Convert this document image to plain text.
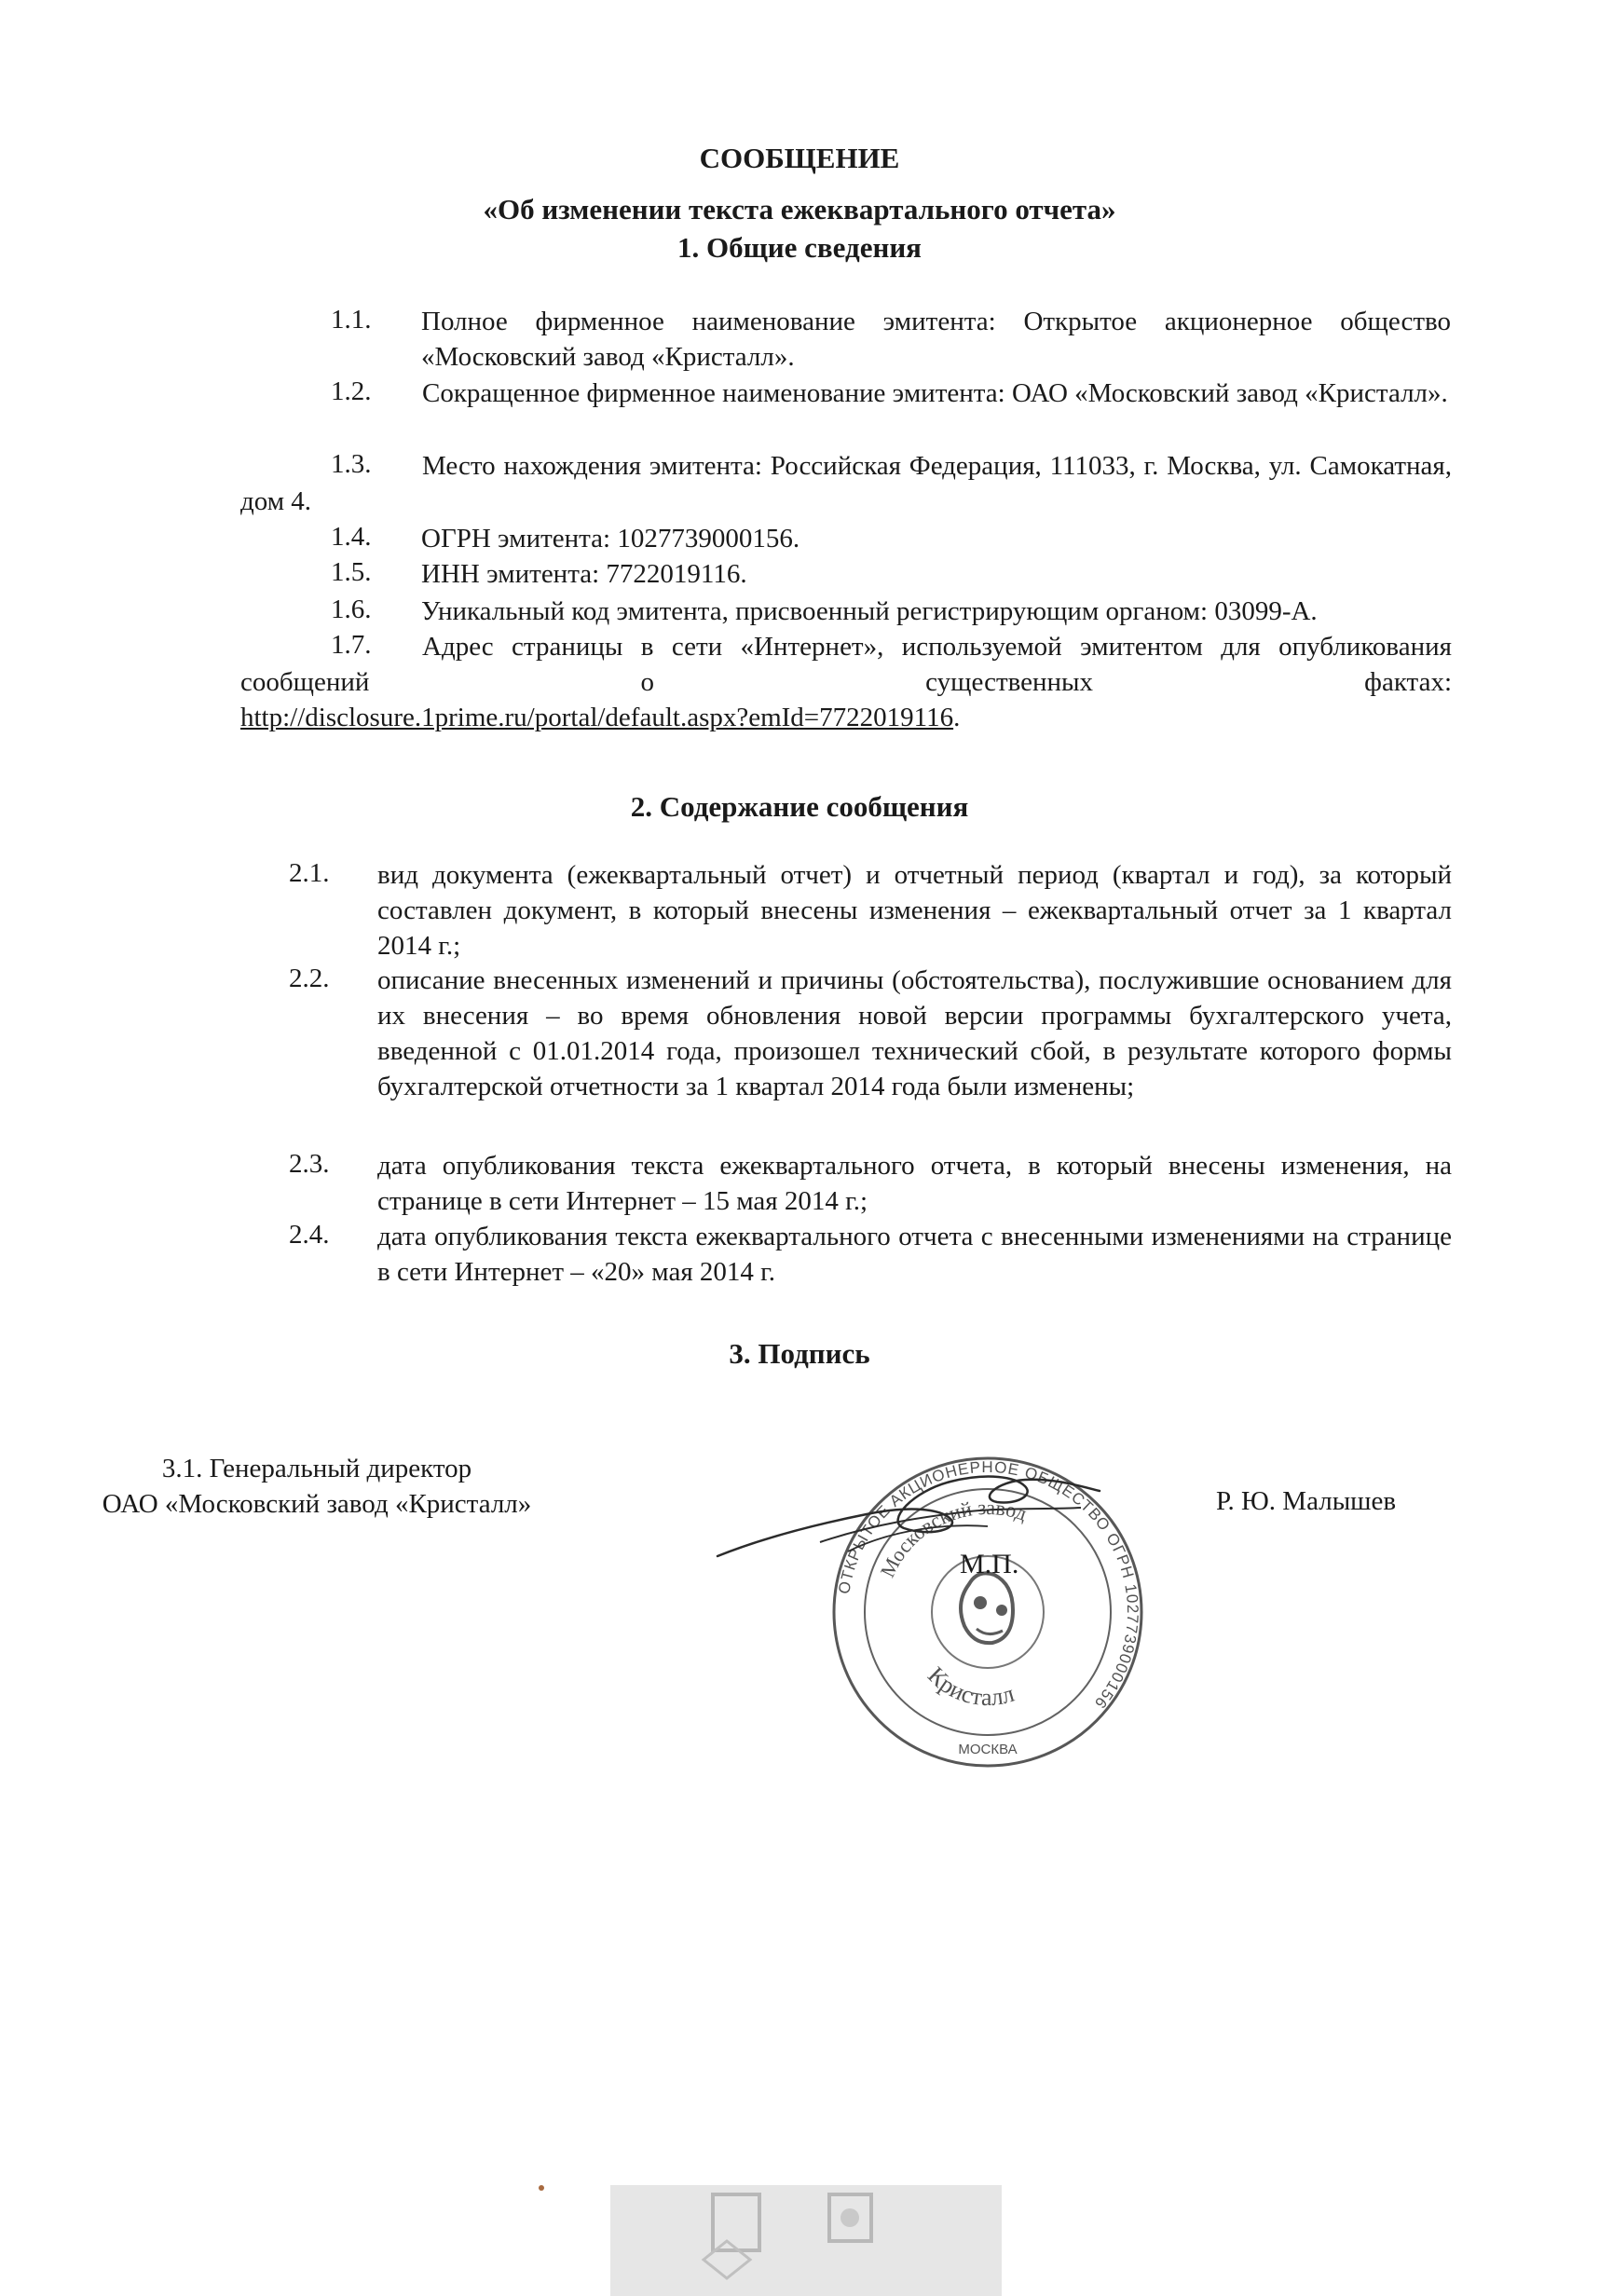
СООБЩЕНИЕ
«Об изменении текста ежеквартального отчета»
1. Общие сведения
1.1. Полное фирменное наименование эмитента: Открытое акционерное общество «Московский завод «Кристалл».
1.2.	Сокращенное фирменное наименование эмитента: ОАО «Московский завод «Кристалл».
1.3.	Место нахождения эмитента: Российская Федерация, 111033, г. Москва, ул. Самокатная, дом 4.
1.4. ОГРН эмитента: 1027739000156.
1.5. ИНН эмитента: 7722019116.
1.6. Уникальный код эмитента, присвоенный регистрирующим органом: 03099-А.
1.7.	Адрес страницы в сети «Интернет», используемой эмитентом для опубликования сообщений о существенных фактах:
http://disclosure.1prime.ru/portal/default.aspx?emId=7722019116.
2. Содержание сообщения
2.1. вид документа (ежеквартальный отчет) и отчетный период (квартал и год), за который составлен документ, в который внесены изменения – ежеквартальный отчет за 1 квартал 2014 г.;
2.2. описание внесенных изменений и причины (обстоятельства), послужившие основанием для их внесения – во время обновления новой версии программы бухгалтерского учета, введенной с 01.01.2014 года, произошел технический сбой, в результате которого формы бухгалтерской отчетности за 1 квартал 2014 года были изменены;
2.3. дата опубликования текста ежеквартального отчета, в который внесены изменения, на странице в сети Интернет – 15 мая 2014 г.;
2.4. дата опубликования текста ежеквартального отчета с внесенными изменениями на странице в сети Интернет – «20» мая 2014 г.
3. Подпись
3.1. Генеральный директор
ОАО «Московский завод «Кристалл»	Р. Ю. Малышев
ОТКРЫТОЕ АКЦИОНЕРНОЕ ОБЩЕСТВО ОГРН 1027739000156
Московский завод
Кристалл
МОСКВА
М.П.
